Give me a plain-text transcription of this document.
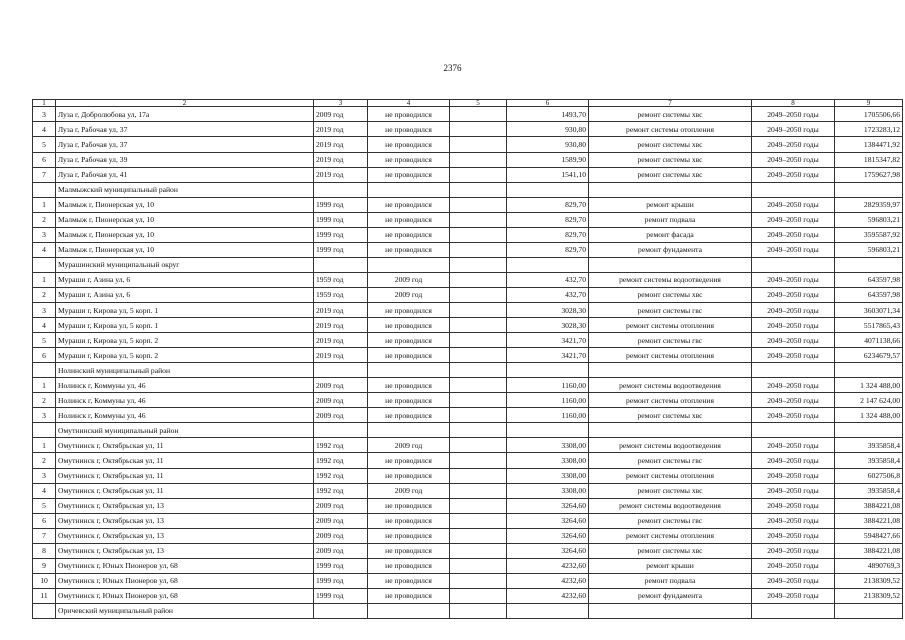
2376
1	2	3	4	5	6	7	8	9
3	Луза г, Добролюбова ул, 17а	2009 год	не проводился		1493,70	ремонт системы хвс	2049–2050 годы	1705506,66
4	Луза г, Рабочая ул, 37	2019 год	не проводился		930,80	ремонт системы отопления	2049–2050 годы	1723283,12
5	Луза г, Рабочая ул, 37	2019 год	не проводился		930,80	ремонт системы хвс	2049–2050 годы	1384471,92
6	Луза г, Рабочая ул, 39	2019 год	не проводился		1589,90	ремонт системы хвс	2049–2050 годы	1815347,82
7	Луза г, Рабочая ул, 41	2019 год	не проводился		1541,10	ремонт системы хвс	2049–2050 годы	1759627,98
	Малмыжский муниципальный район							
1	Малмыж г, Пионерская ул, 10	1999 год	не проводился		829,70	ремонт крыши	2049–2050 годы	2829359,97
2	Малмыж г, Пионерская ул, 10	1999 год	не проводился		829,70	ремонт подвала	2049–2050 годы	596803,21
3	Малмыж г, Пионерская ул, 10	1999 год	не проводился		829,70	ремонт фасада	2049–2050 годы	3595587,92
4	Малмыж г, Пионерская ул, 10	1999 год	не проводился		829,70	ремонт фундамента	2049–2050 годы	596803,21
	Мурашинский муниципальный округ							
1	Мураши г, Азина ул, 6	1959 год	2009 год		432,70	ремонт системы водоотведения	2049–2050 годы	643597,98
2	Мураши г, Азина ул, 6	1959 год	2009 год		432,70	ремонт системы хвс	2049–2050 годы	643597,98
3	Мураши г, Кирова ул, 5 корп. 1	2019 год	не проводился		3028,30	ремонт системы гвс	2049–2050 годы	3603071,34
4	Мураши г, Кирова ул, 5 корп. 1	2019 год	не проводился		3028,30	ремонт системы отопления	2049–2050 годы	5517865,43
5	Мураши г, Кирова ул, 5 корп. 2	2019 год	не проводился		3421,70	ремонт системы гвс	2049–2050 годы	4071138,66
6	Мураши г, Кирова ул, 5 корп. 2	2019 год	не проводился		3421,70	ремонт системы отопления	2049–2050 годы	6234679,57
	Нолинский муниципальный район							
1	Нолинск г, Коммуны ул, 46	2009 год	не проводился		1160,00	ремонт системы водоотведения	2049–2050 годы	1 324 488,00
2	Нолинск г, Коммуны ул, 46	2009 год	не проводился		1160,00	ремонт системы отопления	2049–2050 годы	2 147 624,00
3	Нолинск г, Коммуны ул, 46	2009 год	не проводился		1160,00	ремонт системы хвс	2049–2050 годы	1 324 488,00
	Омутнинский муниципальный район							
1	Омутнинск г, Октябрьская ул, 11	1992 год	2009 год		3308,00	ремонт системы водоотведения	2049–2050 годы	3935858,4
2	Омутнинск г, Октябрьская ул, 11	1992 год	не проводился		3308,00	ремонт системы гвс	2049–2050 годы	3935858,4
3	Омутнинск г, Октябрьская ул, 11	1992 год	не проводился		3308,00	ремонт системы отопления	2049–2050 годы	6027506,8
4	Омутнинск г, Октябрьская ул, 11	1992 год	2009 год		3308,00	ремонт системы хвс	2049–2050 годы	3935858,4
5	Омутнинск г, Октябрьская ул, 13	2009 год	не проводился		3264,60	ремонт системы водоотведения	2049–2050 годы	3884221,08
6	Омутнинск г, Октябрьская ул, 13	2009 год	не проводился		3264,60	ремонт системы гвс	2049–2050 годы	3884221,08
7	Омутнинск г, Октябрьская ул, 13	2009 год	не проводился		3264,60	ремонт системы отопления	2049–2050 годы	5948427,66
8	Омутнинск г, Октябрьская ул, 13	2009 год	не проводился		3264,60	ремонт системы хвс	2049–2050 годы	3884221,08
9	Омутнинск г, Юных Пионеров ул, 68	1999 год	не проводился		4232,60	ремонт крыши	2049–2050 годы	4890769,3
10	Омутнинск г, Юных Пионеров ул, 68	1999 год	не проводился		4232,60	ремонт подвала	2049–2050 годы	2138309,52
11	Омутнинск г, Юных Пионеров ул, 68	1999 год	не проводился		4232,60	ремонт фундамента	2049–2050 годы	2138309,52
	Оричевский муниципальный район							
